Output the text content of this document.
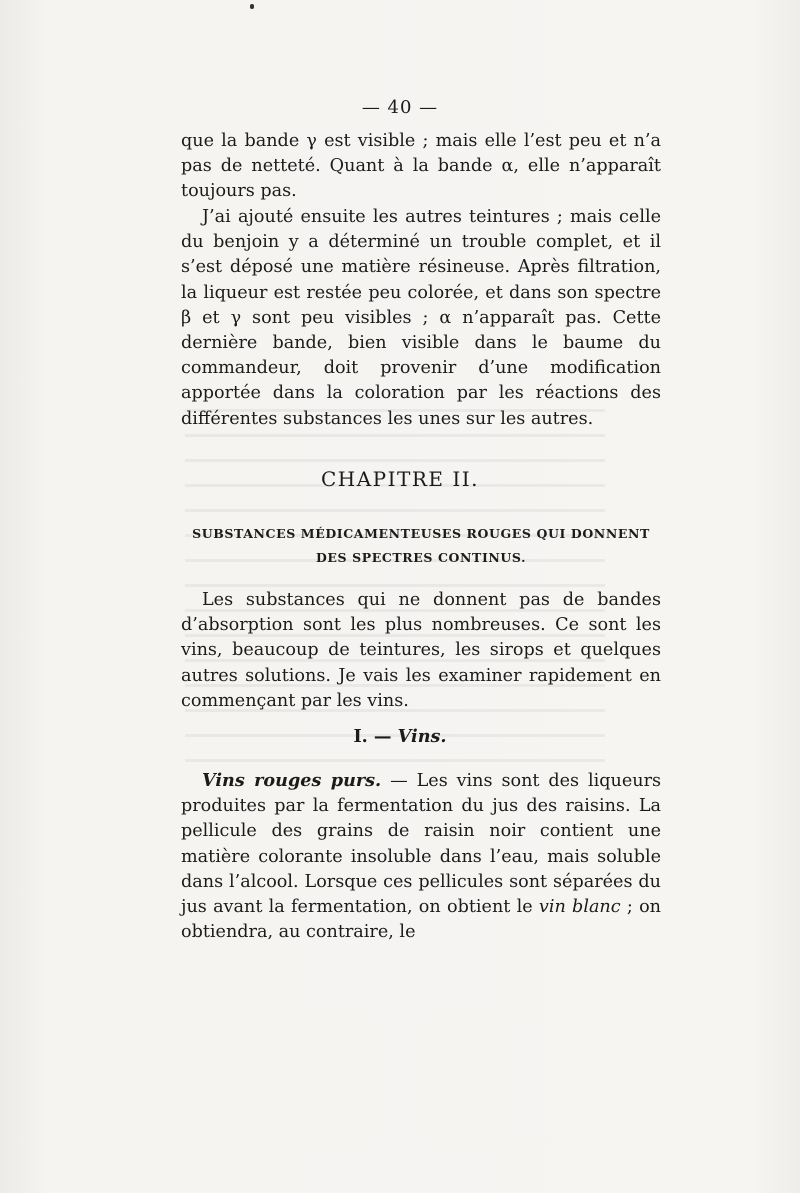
— 40 —

que la bande γ est visible ; mais elle l’est peu et n’a pas de netteté. Quant à la bande α, elle n’apparaît toujours pas.

J’ai ajouté ensuite les autres teintures ; mais celle du benjoin y a déterminé un trouble complet, et il s’est déposé une matière résineuse. Après filtration, la liqueur est restée peu colorée, et dans son spectre β et γ sont peu visibles ; α n’apparaît pas. Cette dernière bande, bien visible dans le baume du commandeur, doit provenir d’une modification apportée dans la coloration par les réactions des différentes substances les unes sur les autres.

CHAPITRE II.
SUBSTANCES MÉDICAMENTEUSES ROUGES QUI DONNENT
DES SPECTRES CONTINUS.

Les substances qui ne donnent pas de bandes d’absorption sont les plus nombreuses. Ce sont les vins, beaucoup de teintures, les sirops et quelques autres solutions. Je vais les examiner rapidement en commençant par les vins.

I. — Vins.

Vins rouges purs. — Les vins sont des liqueurs produites par la fermentation du jus des raisins. La pellicule des grains de raisin noir contient une matière colorante insoluble dans l’eau, mais soluble dans l’alcool. Lorsque ces pellicules sont séparées du jus avant la fermentation, on obtient le vin blanc ; on obtiendra, au contraire, le
